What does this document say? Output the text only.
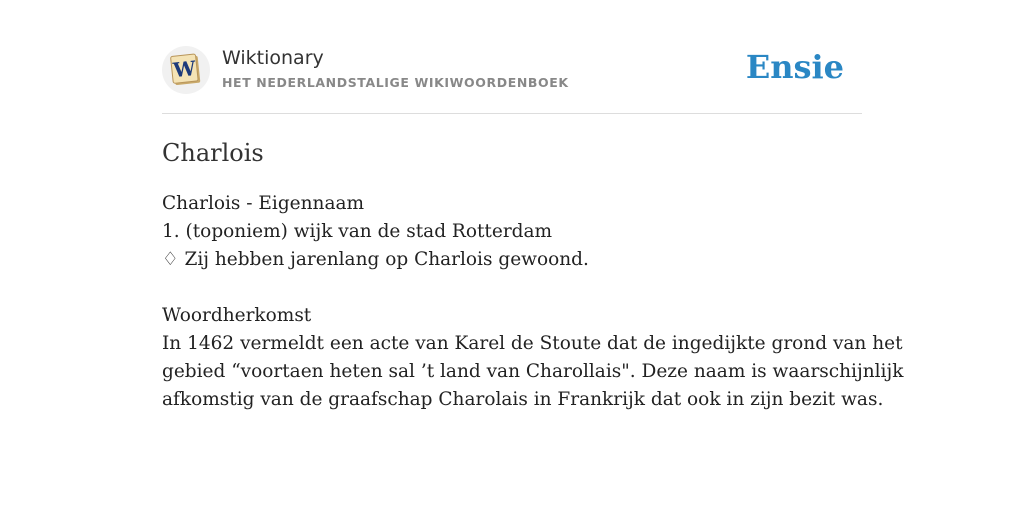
W Wiktionary
HET NEDERLANDSTALIGE WIKIWOORDENBOEK	Ensie
Charlois
Charlois - Eigennaam
1. (toponiem) wijk van de stad Rotterdam
♢ Zij hebben jarenlang op Charlois gewoond.
Woordherkomst
In 1462 vermeldt een acte van Karel de Stoute dat de ingedijkte grond van het
gebied “voortaen heten sal ’t land van Charollais". Deze naam is waarschijnlijk
afkomstig van de graafschap Charolais in Frankrijk dat ook in zijn bezit was.
